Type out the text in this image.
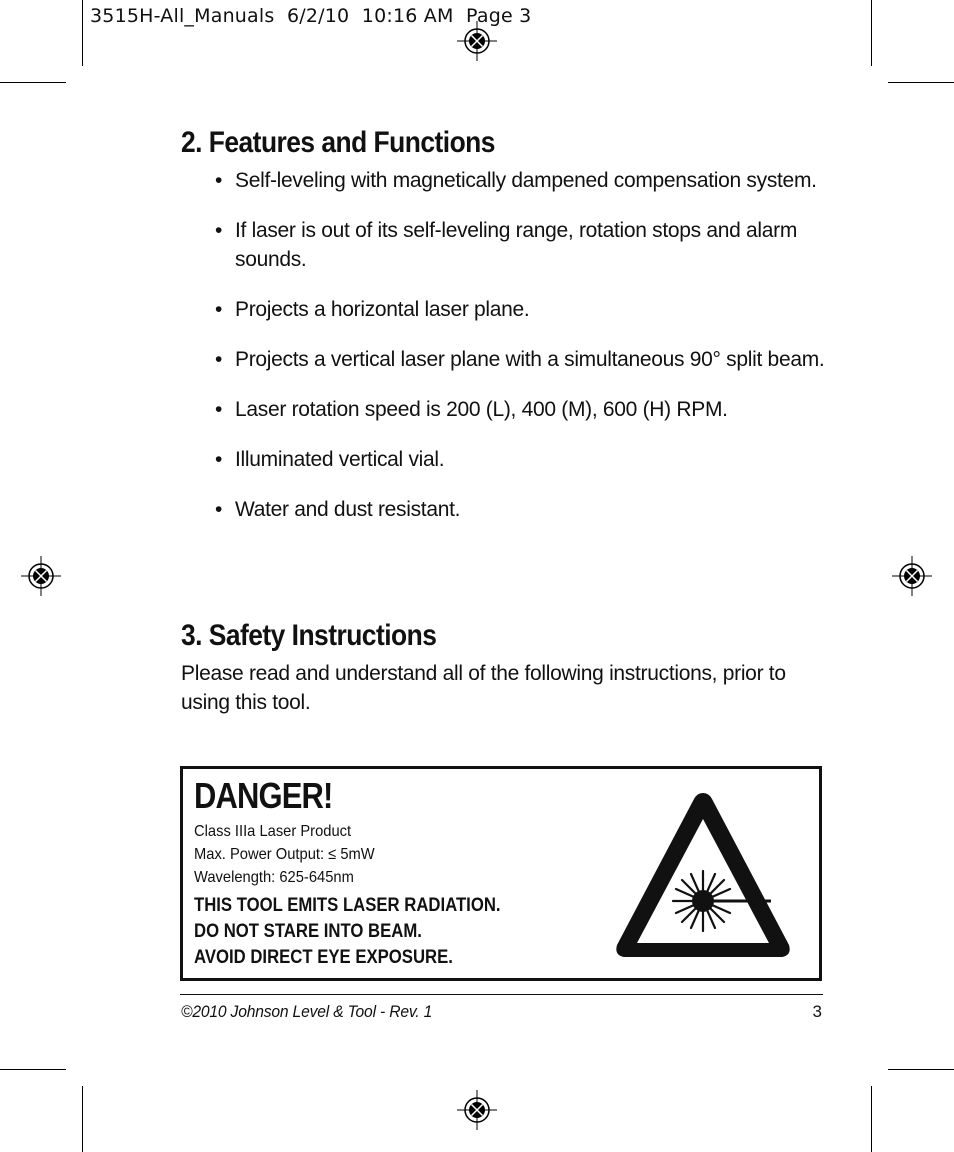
3515H-All_Manuals  6/2/10  10:16 AM  Page 3
2. Features and Functions
• Self-leveling with magnetically dampened compensation system.
• If laser is out of its self-leveling range, rotation stops and alarm sounds.
• Projects a horizontal laser plane.
• Projects a vertical laser plane with a simultaneous 90° split beam.
• Laser rotation speed is 200 (L), 400 (M), 600 (H) RPM.
• Illuminated vertical vial.
• Water and dust resistant.
3. Safety Instructions
Please read and understand all of the following instructions, prior to using this tool.
DANGER!
Class IIIa Laser Product
Max. Power Output: ≤ 5mW
Wavelength: 625-645nm
THIS TOOL EMITS LASER RADIATION.
DO NOT STARE INTO BEAM.
AVOID DIRECT EYE EXPOSURE.
©2010 Johnson Level & Tool - Rev. 1	3
